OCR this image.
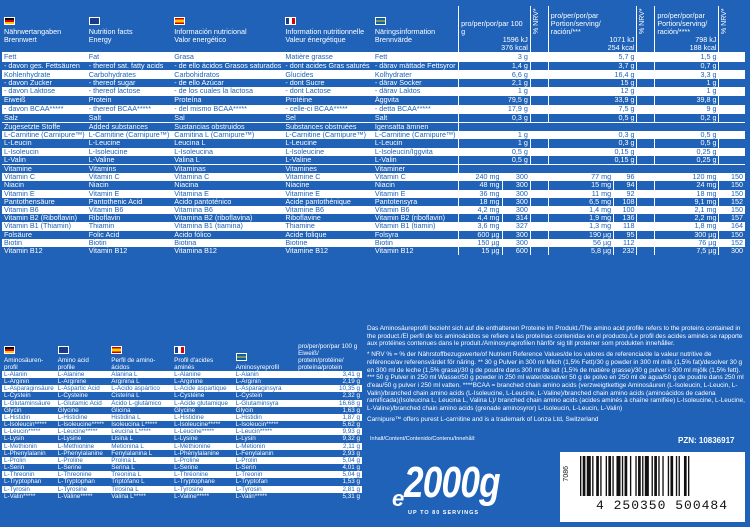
Nährwertangaben	Nutrition facts	Información nutricional	Information nutritionnelle	Näringsinformation	pro/per/por/par 100 g		% NRV*	pro/per/por/par Portion/serving/ ración/***		% NRV*	pro/per/por/par Portion/serving/ ración/****	% NRV*
Brennwert	Energy	Valor energético	Valeur énergétique	Brennvärde	1596 kJ			1071 kJ			798 kJ	
					376 kcal			254 kcal			188 kcal	
Fett	Fat	Grasa	Matière grasse	Fett	3 g			5,7 g			1,5 g	
- davon ges. Fettsäuren	- thereof sat. fatty acids	- de ello ácidos Grasos saturados	- dont acides Gras saturés	- därav mättade Fettsyror	1,4 g			3,7 g			0,7 g	
Kohlenhydrate	Carbohydrates	Carbohidratos	Glucides	Kolhydrater	6,6 g			16,4 g			3,3 g	
- davon Zucker	- thereof sugar	- de ello Azúcar	- dont Sucre	- därav Socker	2,1 g			15 g			1 g	
- davon Laktose	- thereof lactose	- de los cuales la lactosa	- dont Lactose	- därav Laktos	1 g			12 g			1 g	
Eiweiß	Protein	Proteína	Protéine	Äggvita	79,5 g			33,9 g			39,8 g	
- davon BCAA*****	- thereof BCAA*****	- del mismo BCAA*****	- celle-ci BCAA*****	- detta BCAA*****	17,9 g			7,5 g			9 g	
Salz	Salt	Sal	Sel	Salt	0,3 g			0,5 g			0,2 g	
Zugesetzte Stoffe	Added substances	Sustancias obstruidos	Substances obstruées	Igensatta ämnen								
L-Carnitine (Carnipure™)	L-Carnitine (Carnipure™)	Carnitina L (Carnipure™)	L-Carnitine (Carnipure™)	L-Carnitine (Carnipure™)	1 g			0,3 g			0,5 g	
L-Leucin	L-Leucine	Leucina L	L-Leucine	L-Leucin	1 g			0,3 g			0,5 g	
L-Isoleucin	L-Isoleucine	L-Isoleucina	L-Isoleucine	L-Isoleucin/Iggvita	0,5 g			0,15 g			0,25 g	
L-Valin	L-Valine	Valina L	L-Valine	L-Valin	0,5 g			0,15 g			0,25 g	
Vitamine	Vitamins	Vitaminas	Vitamines	Vitaminer								
Vitamin C	Vitamin C	Vitamina C	Vitamine C	Vitamin C	240 mg	300		77 mg	96		120 mg	150
Niacin	Niacin	Niacina	Niacine	Niacin	48 mg	300		15 mg	94		24 mg	150
Vitamin E	Vitamin E	Vitamina E	Vitamine E	Vitamin E	36 mg	300		11 mg	92		18 mg	150
Pantothensäure	Pantothenic Acid	Ácido pantoténico	Acide pantothénique	Pantotensyra	18 mg	300		6,5 mg	108		9,1 mg	152
Vitamin B6	Vitamin B6	Vitamina B6	Vitamine B6	Vitamin B6	4,2 mg	300		1,4 mg	100		2,1 mg	150
Vitamin B2 (Riboflavin)	Riboflavin	Vitamina B2 (riboflavina)	Riboflavine	Vitamin B2 (riboflavin)	4,4 mg	314		1,9 mg	136		2,2 mg	157
Vitamin B1 (Thiamin)	Thiamin	Vitamina B1 (tiamina)	Thiamine	Vitamin B1 (tiamin)	3,6 mg	327		1,3 mg	118		1,8 mg	164
Folsäure	Folic Acid	Ácido fólico	Acide folique	Folsyra	600 µg	300		190 µg	95		300 µg	150
Biotin	Biotin	Biotina	Biotine	Biotin	150 µg	300		56 µg	112		76 µg	152
Vitamin B12	Vitamin B12	Vitamina B12	Vitamine B12	Vitamin B12	15 µg	600		5,8 µg	232		7,5 µg	300

Aminosäuren-profil	Amino acid profile	Perfil de amino-ácidos	Profil d'acides aminés	Aminosyreprofil	pro/per/por/par 100 g Eiweiß/ protein/protéine/ proteína/protein
L-Alanin	L-Alanine	Alanina L	L-Alanine	L-Alanin	3,41 g
L-Arginin	L-Arginine	Arginina L	L-Arginine	L-Arginin	2,19 g
L-Asparaginsäure	L-Aspartic Acid	L-Ácido aspártico	L-Acide aspartique	L-Asparaginsyra	10,35 g
L-Cystein	L-Cysteine	Cisteína L	L-Cystéine	L-Cystein	2,32 g
L-Glutaminsäure	L-Glutamic Acid	Ácido L-glutámico	L-Acide glutamique	L-Glutaminsyra	16,68 g
Glycin	Glycine	Glicina	Glycine	Glycin	1,63 g
L-Histidin	L-Histidine	Histidina L	L-Histidine	L-Histidin	1,87 g
L-Isoleucin*****	L-Isoleucine*****	Isoleucina L*****	L-Isoleucine*****	L-Isoleucin*****	5,62 g
L-Leucin*****	L-Leucine*****	Leucina L*****	L-Leucine*****	L-Leucin*****	9,93 g
L-Lysin	L-Lysine	Lisina L	L-Lysine	L-Lysin	9,32 g
L-Methionin	L-Methionine	Metionina L	L-Méthionine	L-Metionin	2,11 g
L-Phenylalanin	L-Phenylalanine	Fenylalanina L	L-Phénylalanine	L-Fenylalanin	2,93 g
L-Prolin	L-Proline	Prolina L	L-Proline	L-Prolin	5,04 g
L-Serin	L-Serine	Serina L	L-Serine	L-Serin	4,01 g
L-Threonin	L-Threonine	Treonina L	L-Thréonine	L-Treonin	5,04 g
L-Tryptophan	L-Tryptophan	Triptófano L	L-Tryptophane	L-Tryptofan	1,53 g
L-Tyrosin	L-Tyrosine	Tirosina L	L-Tyrosine	L-Tyrosin	2,81 g
L-Valin*****	L-Valine*****	Valina L*****	L-Valine*****	L-Valin*****	5,31 g

Das Aminosäureprofil bezieht sich auf die enthaltenen Proteine im Produkt./The amino acid profile refers to the proteins contained in the product./El perfil de los aminoácidos se refiere a las proteínas contenidas en el producto./Le profil des acides aminés se rapporte aux protéines contenues dans le produit./Aminosyraprofilen hänför sig till proteiner som produkten innehåller.

* NRV % = % der Nährstoffbezugswerte/of Nutrient Reference Values/de los valores de referencia/de la valeur nutritive de référence/av referensvärdet för näring. ** 30 g Pulver in 300 ml Milch (1,5% Fett)/30 g powder in 300 ml milk (1,5% fat)/desolver 30 g en 300 ml de leche (1,5% grasa)/30 g de poudre dans 300 ml de lait (1,5% de matière grasse)/30 g pulver i 300 ml mjölk (1,5% fett). *** 50 g Pulver in 250 ml Wasser/50 g powder in 250 ml water/desolver 50 g de polvo en 250 ml de agua/50 g de poudre dans 250 ml d'eau/50 g pulver i 250 ml vatten. ****BCAA = branched chain amino acids (verzweigtkettige Aminosäuren (L-Isoleucin, L-Leucin, L-Valin)/branched chain amino acids (L-Isoleucine, L-Leucine, L-Valine)/branched chain amino acids (aminoácidos de cadena ramificada)(Isoleucina L, Leucina L, Valina L)/ branched chain amino acids (acides aminés à chaîne ramifiée) L-Isoleucine, L-Leucine, L-Valine)/branched chain amino acids (grenade aminosyror) L-Isoleucin, L-Leucin, L-Valin)

Carnipure™ offers purest L-carnitine and is a trademark of Lonza Ltd, Switzerland

Inhalt/Content/Contenido/Contenu/Innehåll:	PZN: 10836917
e 2000g
UP TO 80 SERVINGS
7086
4 250350 500484
